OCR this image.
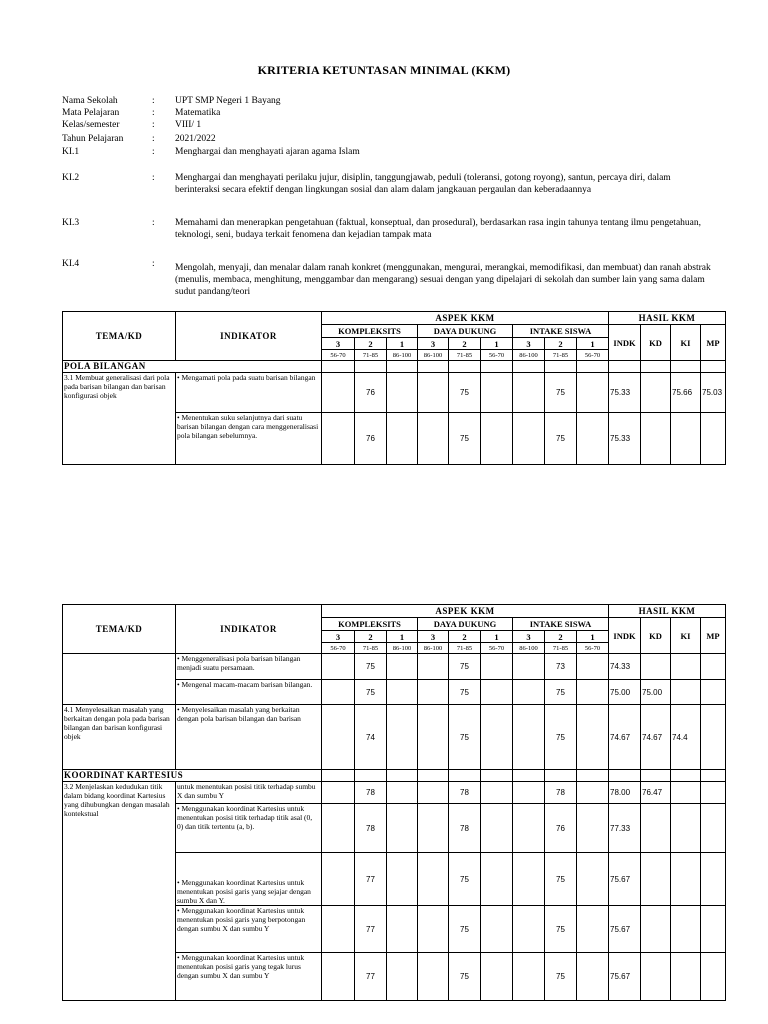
KRITERIA KETUNTASAN MINIMAL (KKM)
Nama Sekolah	: UPT SMP Negeri 1 Bayang
Mata Pelajaran	: Matematika
Kelas/semester	: VIII/ 1
Tahun Pelajaran	: 2021/2022
KI.1	: Menghargai dan menghayati ajaran agama Islam
KI.2	: Menghargai dan menghayati perilaku jujur, disiplin, tanggungjawab, peduli (toleransi, gotong royong), santun, percaya diri, dalam berinteraksi secara efektif dengan lingkungan sosial dan alam dalam jangkauan pergaulan dan keberadaannya
KI.3	: Memahami dan menerapkan pengetahuan (faktual, konseptual, dan prosedural), berdasarkan rasa ingin tahunya tentang ilmu pengetahuan, teknologi, seni, budaya terkait fenomena dan kejadian tampak mata
KI.4	: Mengolah, menyaji, dan menalar dalam ranah konkret (menggunakan, mengurai, merangkai, memodifikasi, dan membuat) dan ranah abstrak (menulis, membaca, menghitung, menggambar dan mengarang) sesuai dengan yang dipelajari di sekolah dan sumber lain yang sama dalam sudut pandang/teori
TEMA/KD	INDIKATOR	ASPEK KKM									HASIL KKM			
		KOMPLEKSITS			DAYA DUKUNG			INTAKE SISWA			INDK	KD	KI	MP
		3	2	1	3	2	1	3	2	1				
		56-70	71-85	86-100	86-100	71-85	56-70	86-100	71-85	56-70				
POLA BILANGAN														
3.1 Membuat generalisasi dari pola pada barisan bilangan dan barisan konfigurasi objek	• Mengamati pola pada suatu barisan bilangan		76			75			75		75.33		75.66	75.03
	• Menentukan suku selanjutnya dari suatu barisan bilangan dengan cara menggeneralisasi pola bilangan sebelumnya.		76			75			75		75.33			
TEMA/KD	INDIKATOR	ASPEK KKM									HASIL KKM			
		KOMPLEKSITS			DAYA DUKUNG			INTAKE SISWA			INDK	KD	KI	MP
		3	2	1	3	2	1	3	2	1				
		56-70	71-85	86-100	86-100	71-85	56-70	86-100	71-85	56-70				
	• Menggeneralisasi pola barisan bilangan menjadi suatu persamaan.		75			75			73		74.33			
	• Mengenal macam-macam barisan bilangan.		75			75			75		75.00	75.00		
4.1 Menyelesaikan masalah yang berkaitan dengan pola pada barisan bilangan dan barisan konfigurasi objek	• Menyelesaikan masalah yang berkaitan dengan pola barisan bilangan dan barisan		74			75			75		74.67	74.67	74.4	
KOORDINAT KARTESIUS														
3.2 Menjelaskan kedudukan titik dalam bidang koordinat Kartesius yang dihubungkan dengan masalah kontekstual	untuk menentukan posisi titik terhadap sumbu X dan sumbu Y		78			78			78		78.00	76.47		
	• Menggunakan koordinat Kartesius untuk menentukan posisi titik terhadap titik asal (0, 0) dan titik tertentu (a, b).		78			78			76		77.33			
	• Menggunakan koordinat Kartesius untuk menentukan posisi garis yang sejajar dengan sumbu X dan Y.		77			75			75		75.67			
	• Menggunakan koordinat Kartesius untuk menentukan posisi garis yang berpotongan dengan sumbu X dan sumbu Y		77			75			75		75.67			
	• Menggunakan koordinat Kartesius untuk menentukan posisi garis yang tegak lurus dengan sumbu X dan sumbu Y		77			75			75		75.67			
